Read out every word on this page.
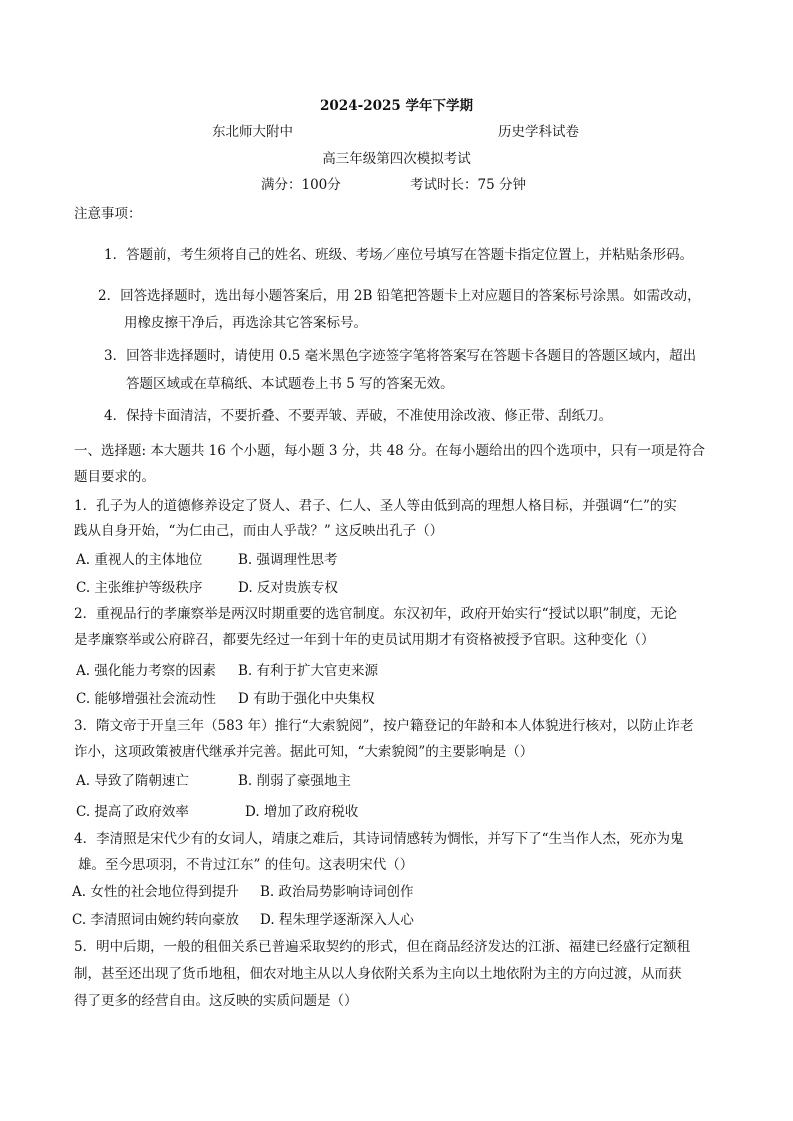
2024-2025 学年下学期
东北师大附中	历史学科试卷
高三年级第四次模拟考试
满分：100分	考试时长：75 分钟
注意事项：
1．答题前，考生须将自己的姓名、班级、考场／座位号填写在答题卡指定位置上，并粘贴条形码。
2．回答选择题时，选出每小题答案后，用 2B 铅笔把答题卡上对应题目的答案标号涂黑。如需改动，
用橡皮擦干净后，再选涂其它答案标号。
3．回答非选择题时，请使用 0.5 毫米黑色字迹签字笔将答案写在答题卡各题目的答题区域内，超出
答题区域或在草稿纸、本试题卷上书 5 写的答案无效。
4．保持卡面清洁，不要折叠、不要弄皱、弄破，不准使用涂改液、修正带、刮纸刀。
一、选择题: 本大题共 16 个小题，每小题 3 分，共 48 分。在每小题给出的四个选项中，只有一项是符合
题目要求的。
1．孔子为人的道德修养设定了贤人、君子、仁人、圣人等由低到高的理想人格目标，并强调“仁”的实
践从自身开始，“为仁由己，而由人乎哉？” 这反映出孔子（）
A. 重视人的主体地位	B. 强调理性思考
C. 主张维护等级秩序	D. 反对贵族专权
2．重视品行的孝廉察举是两汉时期重要的选官制度。东汉初年，政府开始实行“授试以职”制度，无论
是孝廉察举或公府辟召，都要先经过一年到十年的吏员试用期才有资格被授予官职。这种变化（）
A. 强化能力考察的因素 B. 有利于扩大官吏来源
C. 能够增强社会流动性 D 有助于强化中央集权
3．隋文帝于开皇三年（583 年）推行“大索貌阅”，按户籍登记的年龄和本人体貌进行核对，以防止诈老
诈小，这项政策被唐代继承并完善。据此可知，“大索貌阅”的主要影响是（）
A. 导致了隋朝速亡	B. 削弱了豪强地主
C. 提高了政府效率	D. 增加了政府税收
4．李清照是宋代少有的女词人，靖康之难后，其诗词情感转为惆怅，并写下了“生当作人杰，死亦为鬼
雄。至今思项羽，不肯过江东” 的佳句。这表明宋代（）
A. 女性的社会地位得到提升 B. 政治局势影响诗词创作
C. 李清照词由婉约转向豪放 D. 程朱理学逐渐深入人心
5．明中后期，一般的租佃关系已普遍采取契约的形式，但在商品经济发达的江浙、福建已经盛行定额租
制，甚至还出现了货币地租，佃农对地主从以人身依附关系为主向以土地依附为主的方向过渡，从而获
得了更多的经营自由。这反映的实质问题是（）
